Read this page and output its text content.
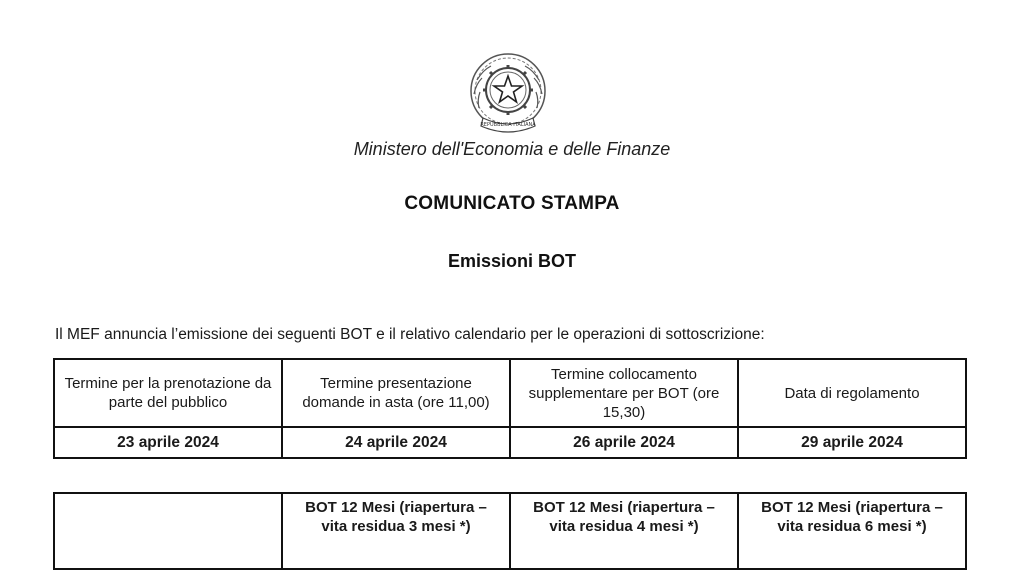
REPUBBLICA ITALIANA
Ministero dell'Economia e delle Finanze
COMUNICATO STAMPA
Emissioni BOT
Il MEF annuncia l’emissione dei seguenti BOT e il relativo calendario per le operazioni di sottoscrizione:
Termine per la prenotazione da parte del pubblico	Termine presentazione domande in asta (ore 11,00)	Termine collocamento supplementare per BOT (ore 15,30)	Data di regolamento
23 aprile 2024	24 aprile 2024	26 aprile 2024	29 aprile 2024
	BOT 12 Mesi (riapertura – vita residua 3 mesi *)	BOT 12 Mesi (riapertura – vita residua 4 mesi *)	BOT 12 Mesi (riapertura – vita residua 6 mesi *)
